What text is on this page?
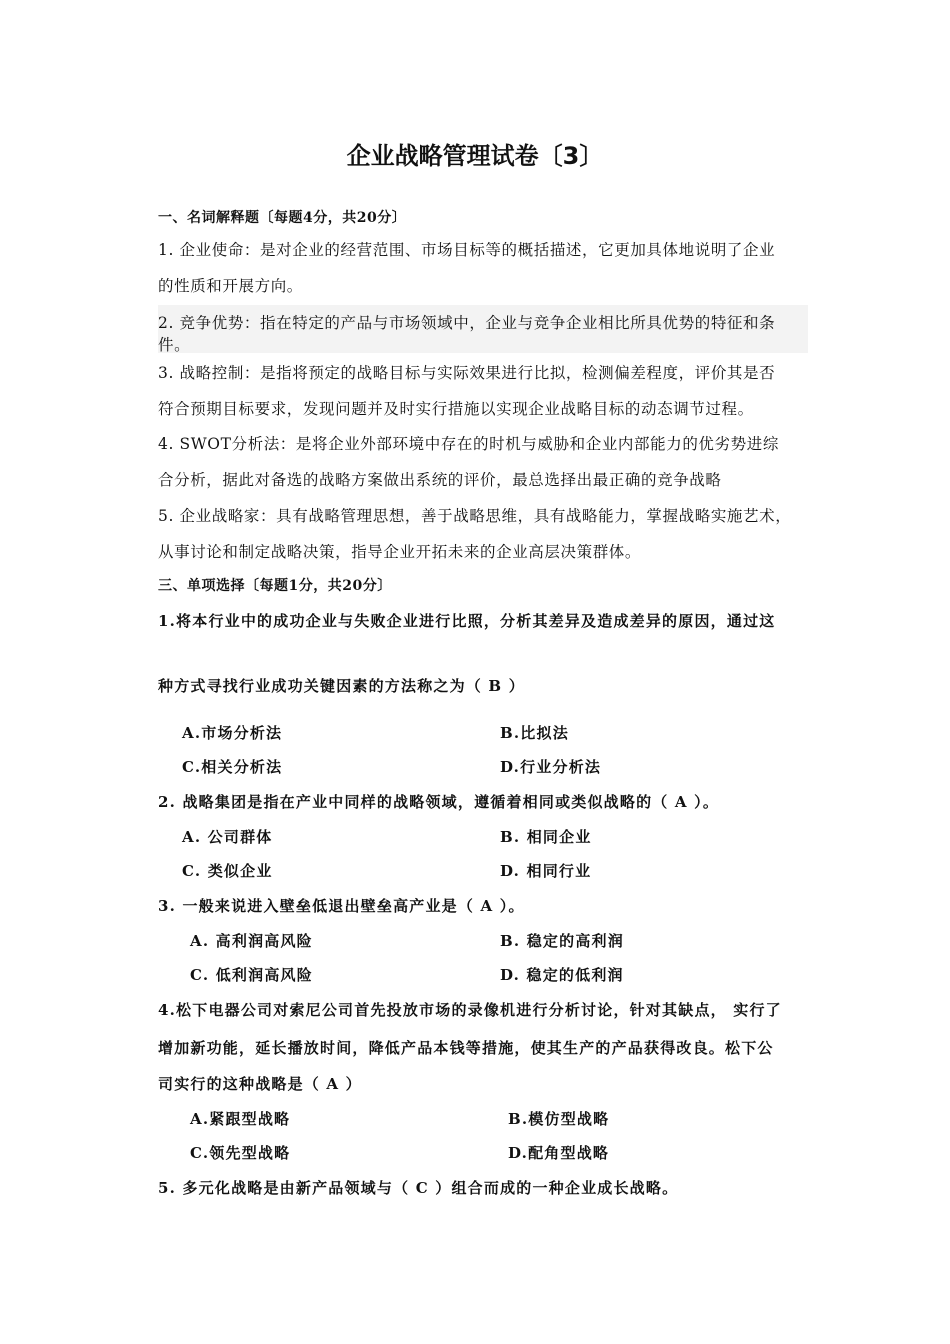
企业战略管理试卷〔3〕
一、名词解释题〔每题4分，共20分〕
1. 企业使命：是对企业的经营范围、市场目标等的概括描述，它更加具体地说明了企业
的性质和开展方向。
2. 竞争优势：指在特定的产品与市场领域中，企业与竞争企业相比所具优势的特征和条
件。
3. 战略控制：是指将预定的战略目标与实际效果进行比拟，检测偏差程度，评价其是否
符合预期目标要求，发现问题并及时实行措施以实现企业战略目标的动态调节过程。
4. SWOT分析法：是将企业外部环境中存在的时机与威胁和企业内部能力的优劣势进综
合分析，据此对备选的战略方案做出系统的评价，最总选择出最正确的竞争战略
5. 企业战略家：具有战略管理思想，善于战略思维，具有战略能力，掌握战略实施艺术，
从事讨论和制定战略决策，指导企业开拓未来的企业高层决策群体。
三、单项选择〔每题1分，共20分〕
1.将本行业中的成功企业与失败企业进行比照，分析其差异及造成差异的原因，通过这
种方式寻找行业成功关键因素的方法称之为（ B ）
A.市场分析法	B.比拟法
C.相关分析法	D.行业分析法
2. 战略集团是指在产业中同样的战略领域，遵循着相同或类似战略的（ A ）。
A. 公司群体	B. 相同企业
C. 类似企业	D. 相同行业
3. 一般来说进入壁垒低退出壁垒高产业是（ A ）。
A. 高利润高风险	B. 稳定的高利润
C. 低利润高风险	D. 稳定的低利润
4.松下电器公司对索尼公司首先投放市场的录像机进行分析讨论，针对其缺点， 实行了
增加新功能，延长播放时间，降低产品本钱等措施，使其生产的产品获得改良。松下公
司实行的这种战略是（ A ）
A.紧跟型战略	B.模仿型战略
C.领先型战略	D.配角型战略
5. 多元化战略是由新产品领域与（ C ）组合而成的一种企业成长战略。
